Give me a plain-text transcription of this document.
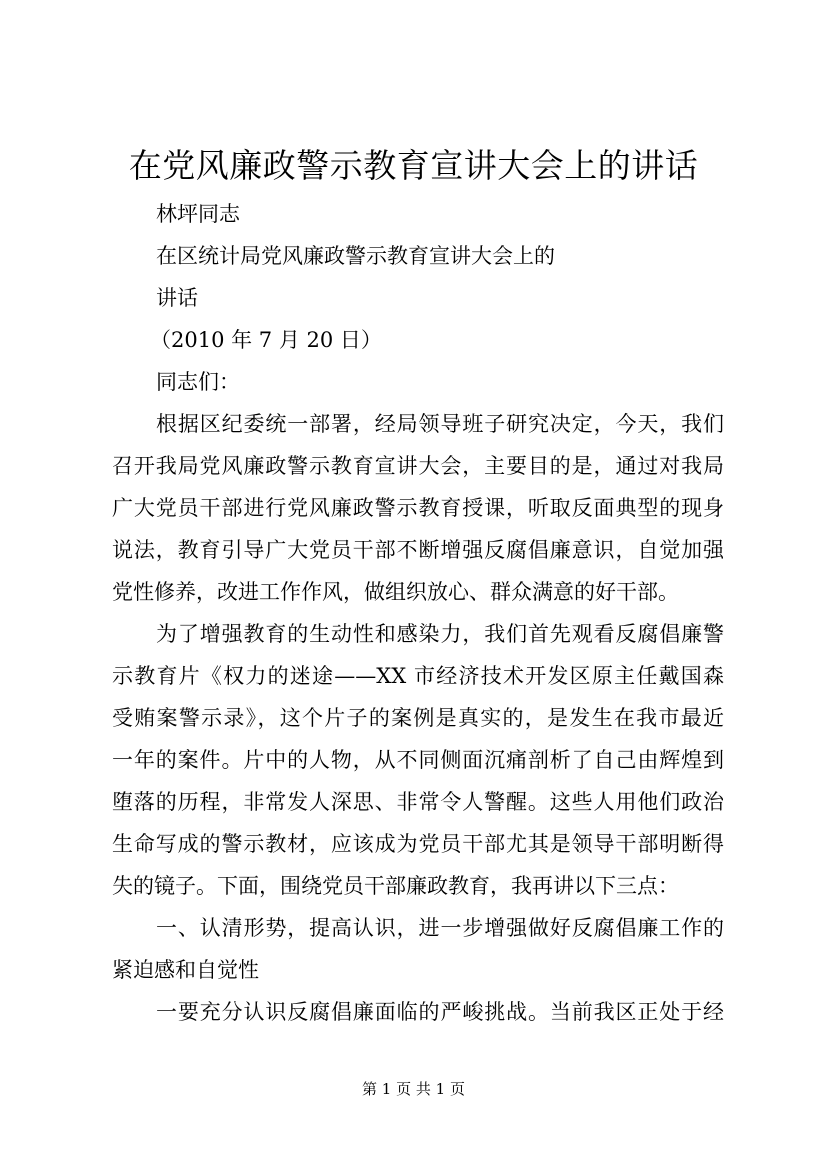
在党风廉政警示教育宣讲大会上的讲话

林坪同志

在区统计局党风廉政警示教育宣讲大会上的

讲话

（2010 年 7 月 20 日）

同志们：

根据区纪委统一部署，经局领导班子研究决定，今天，我们

召开我局党风廉政警示教育宣讲大会，主要目的是，通过对我局

广大党员干部进行党风廉政警示教育授课，听取反面典型的现身

说法，教育引导广大党员干部不断增强反腐倡廉意识，自觉加强

党性修养，改进工作作风，做组织放心、群众满意的好干部。

为了增强教育的生动性和感染力，我们首先观看反腐倡廉警

示教育片《权力的迷途——XX 市经济技术开发区原主任戴国森

受贿案警示录》，这个片子的案例是真实的，是发生在我市最近

一年的案件。片中的人物，从不同侧面沉痛剖析了自己由辉煌到

堕落的历程，非常发人深思、非常令人警醒。这些人用他们政治

生命写成的警示教材，应该成为党员干部尤其是领导干部明断得

失的镜子。下面，围绕党员干部廉政教育，我再讲以下三点：

一、认清形势，提高认识，进一步增强做好反腐倡廉工作的

紧迫感和自觉性

一要充分认识反腐倡廉面临的严峻挑战。当前我区正处于经

第 1 页 共 1 页
